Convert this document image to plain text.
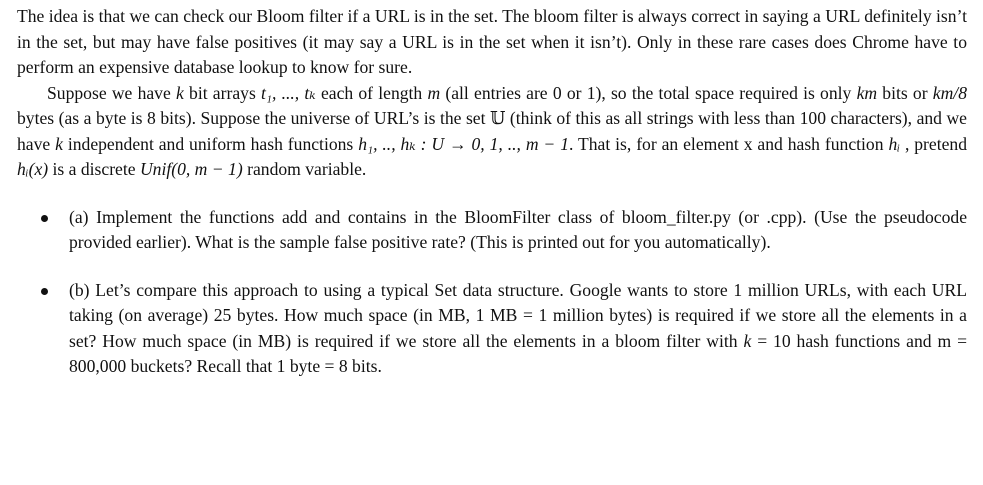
The idea is that we can check our Bloom filter if a URL is in the set. The bloom filter is always correct in saying a URL definitely isn’t in the set, but may have false positives (it may say a URL is in the set when it isn’t). Only in these rare cases does Chrome have to perform an expensive database lookup to know for sure.

Suppose we have k bit arrays t₁, ..., tₖ each of length m (all entries are 0 or 1), so the total space required is only km bits or km/8 bytes (as a byte is 8 bits). Suppose the universe of URL’s is the set 𝕌 (think of this as all strings with less than 100 characters), and we have k independent and uniform hash functions h₁, .., hₖ : U → 0, 1, .., m − 1. That is, for an element x and hash function hᵢ , pretend hᵢ(x) is a discrete Unif(0, m − 1) random variable.

(a) Implement the functions add and contains in the BloomFilter class of bloom_filter.py (or .cpp). (Use the pseudocode provided earlier). What is the sample false positive rate? (This is printed out for you automatically).
(b) Let’s compare this approach to using a typical Set data structure. Google wants to store 1 million URLs, with each URL taking (on average) 25 bytes. How much space (in MB, 1 MB = 1 million bytes) is required if we store all the elements in a set? How much space (in MB) is required if we store all the elements in a bloom filter with k = 10 hash functions and m = 800,000 buckets? Recall that 1 byte = 8 bits.
